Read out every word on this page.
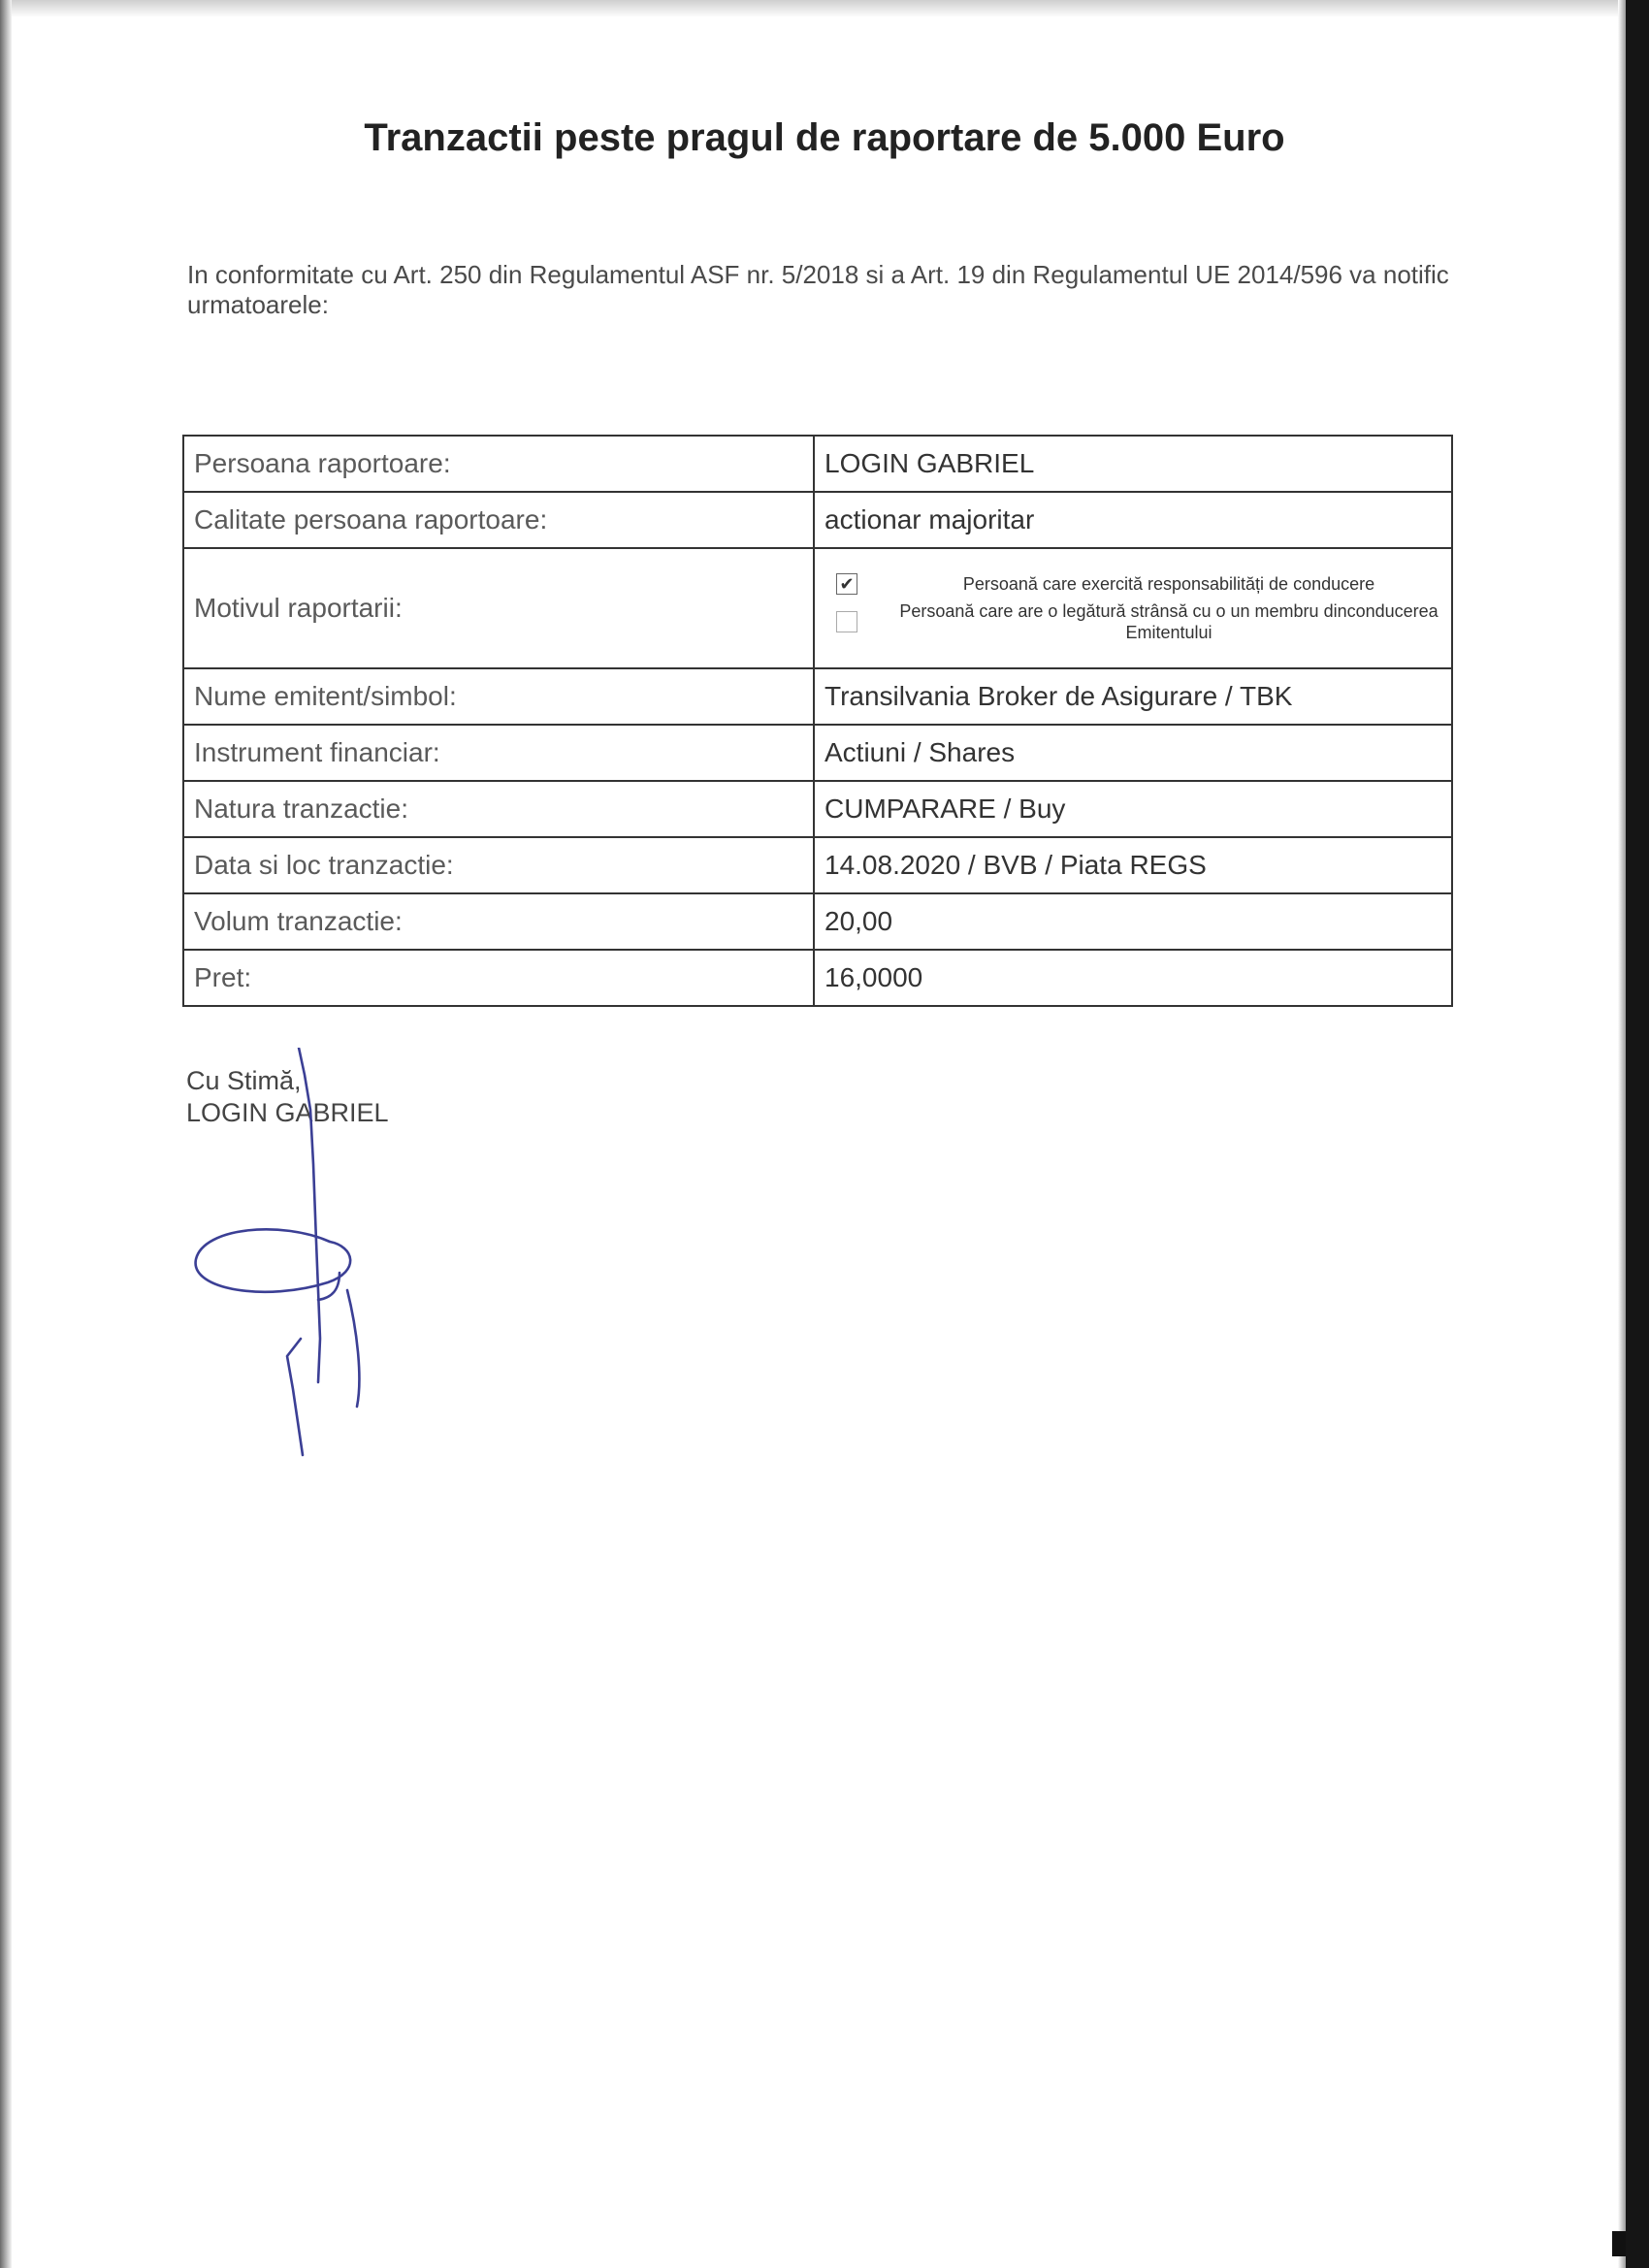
Tranzactii peste pragul de raportare de 5.000 Euro
In conformitate cu Art. 250 din Regulamentul ASF nr. 5/2018 si a Art. 19 din Regulamentul UE 2014/596 va notific urmatoarele:
Persoana raportoare:	LOGIN GABRIEL
Calitate persoana raportoare:	actionar majoritar
Motivul raportarii:	✔ Persoană care exercită responsabilități de conducere
Persoană care are o legătură strânsă cu o un membru dinconducerea Emitentului

Nume emitent/simbol:	Transilvania Broker de Asigurare / TBK
Instrument financiar:	Actiuni / Shares
Natura tranzactie:	CUMPARARE / Buy
Data si loc tranzactie:	14.08.2020 / BVB / Piata REGS
Volum tranzactie:	20,00
Pret:	16,0000
Cu Stimă,
LOGIN GABRIEL
